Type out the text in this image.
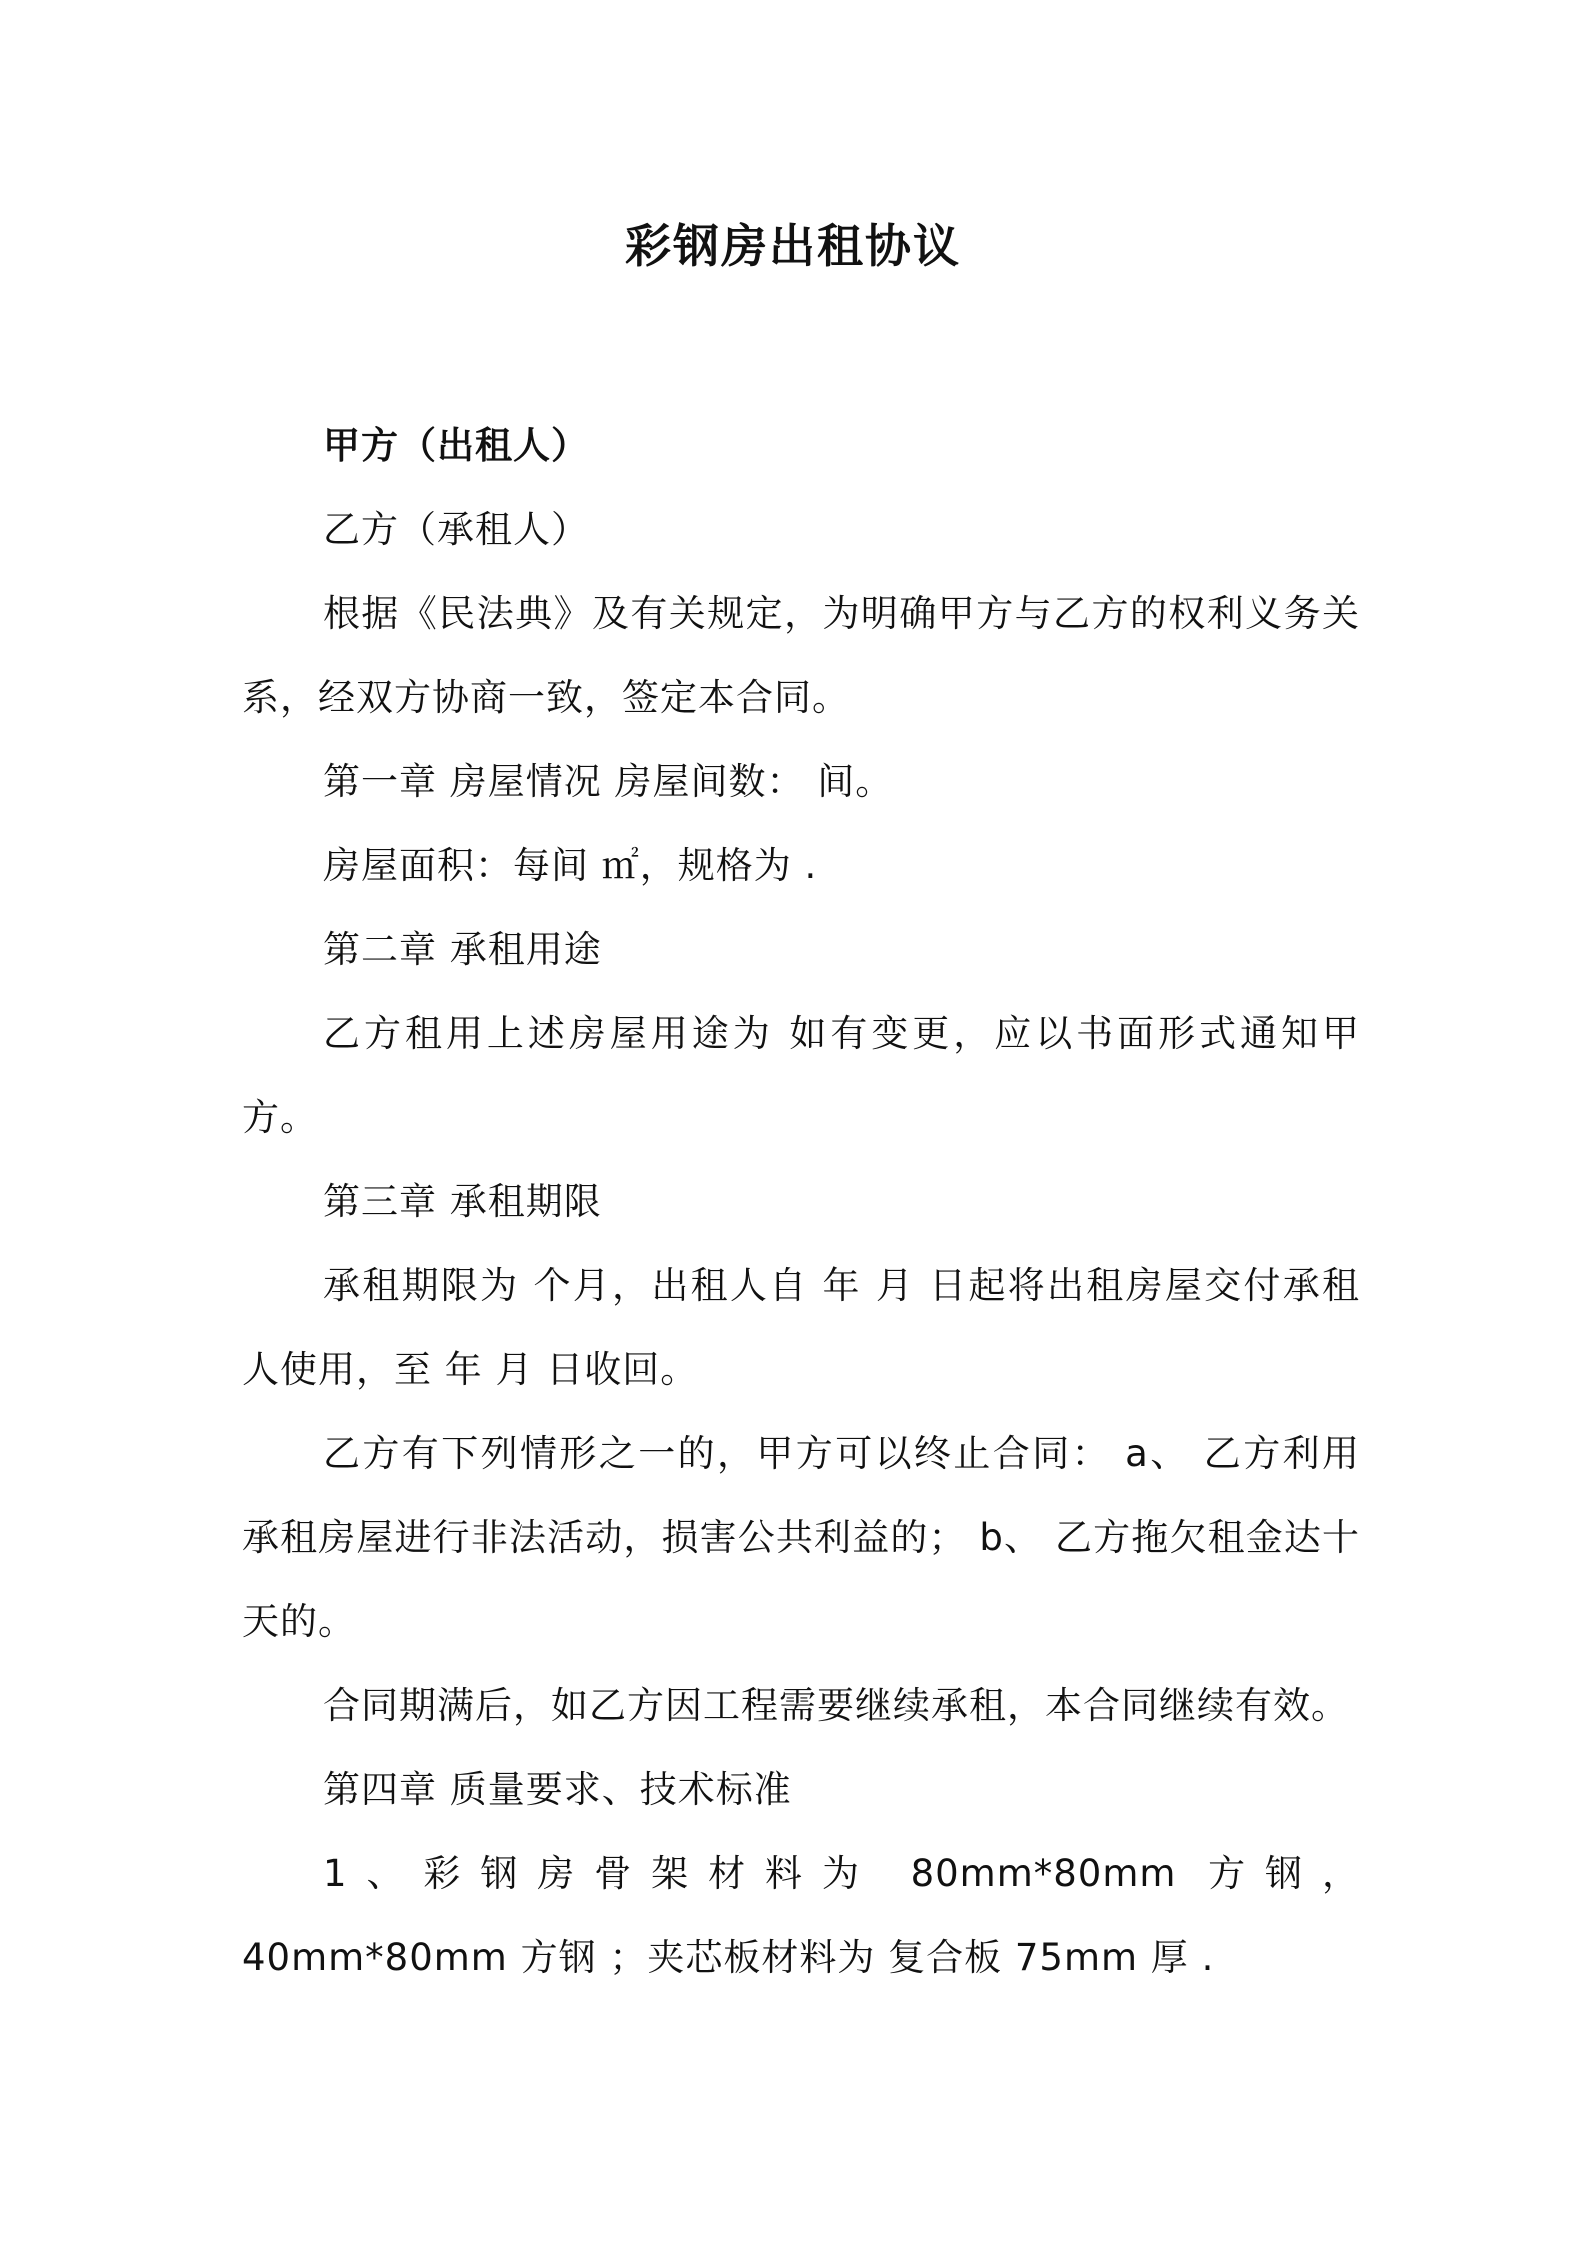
彩钢房出租协议

甲方（出租人）

乙方（承租人）

根据《民法典》及有关规定，为明确甲方与乙方的权利义务关系，经双方协商一致，签定本合同。

第一章 房屋情况 房屋间数： 间。

房屋面积：每间 ㎡，规格为 .

第二章 承租用途

乙方租用上述房屋用途为 如有变更，应以书面形式通知甲方。

第三章 承租期限

承租期限为 个月，出租人自 年 月 日起将出租房屋交付承租人使用，至 年 月 日收回。

乙方有下列情形之一的，甲方可以终止合同： a、 乙方利用承租房屋进行非法活动，损害公共利益的； b、 乙方拖欠租金达十天的。

合同期满后，如乙方因工程需要继续承租，本合同继续有效。

第四章 质量要求、技术标准

1、彩钢房骨架材料为 80mm*80mm 方钢，40mm*80mm 方钢 ；夹芯板材料为 复合板 75mm 厚 .
